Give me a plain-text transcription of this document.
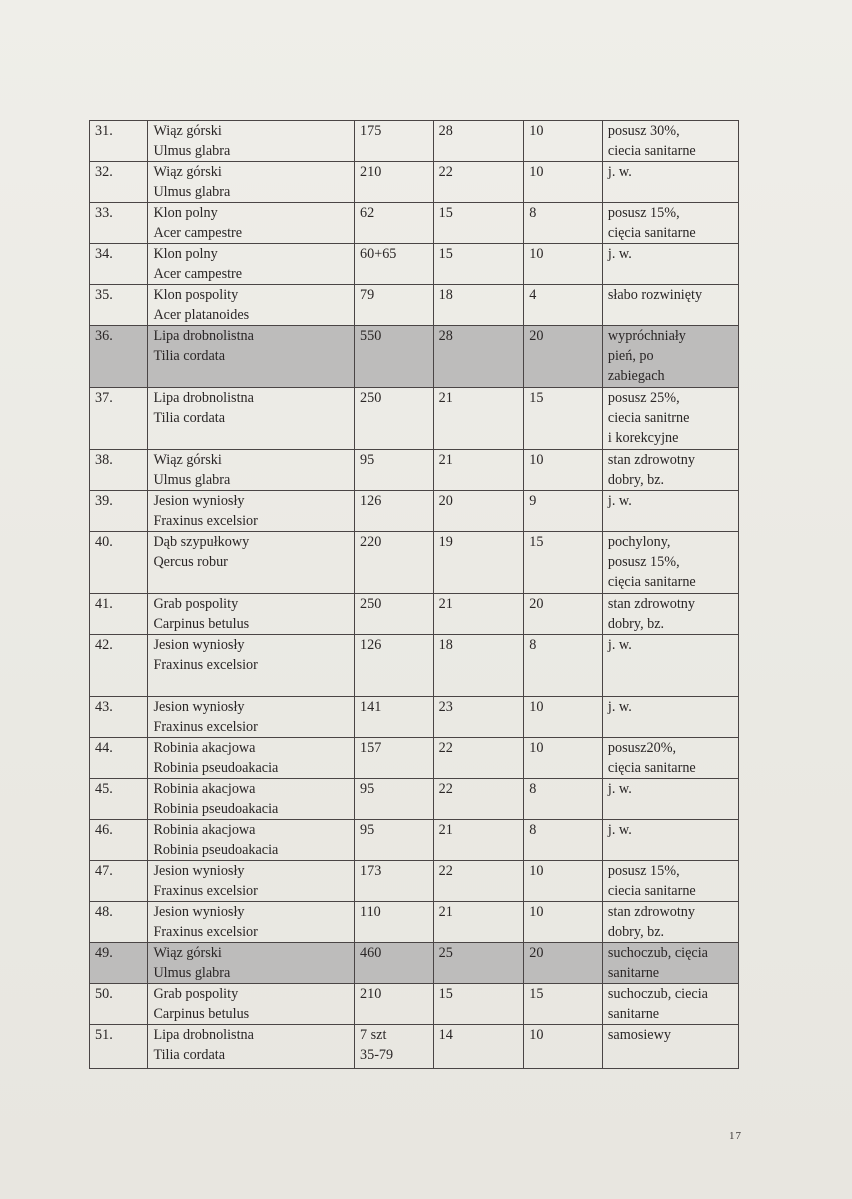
31.	Wiąz górski
Ulmus glabra	175	28	10	posusz 30%,
ciecia sanitarne

32.	Wiąz górski
Ulmus glabra	210	22	10	j. w.

33.	Klon polny
Acer campestre	62	15	8	posusz 15%,
cięcia sanitarne

34.	Klon polny
Acer campestre	60+65	15	10	j. w.

35.	Klon pospolity
Acer platanoides	79	18	4	słabo rozwinięty

36.	Lipa drobnolistna
Tilia cordata	550	28	20	wypróchniały
pień, po
zabiegach

37.	Lipa drobnolistna
Tilia cordata	250	21	15	posusz 25%,
ciecia sanitrne
i korekcyjne

38.	Wiąz górski
Ulmus glabra	95	21	10	stan zdrowotny
dobry, bz.

39.	Jesion wyniosły
Fraxinus excelsior	126	20	9	j. w.

40.	Dąb szypułkowy
Qercus robur	220	19	15	pochylony,
posusz 15%,
cięcia sanitarne

41.	Grab pospolity
Carpinus betulus	250	21	20	stan zdrowotny
dobry, bz.

42.	Jesion wyniosły
Fraxinus excelsior	126	18	8	j. w.

43.	Jesion wyniosły
Fraxinus excelsior	141	23	10	j. w.

44.	Robinia akacjowa
Robinia pseudoakacia	157	22	10	posusz20%,
cięcia sanitarne

45.	Robinia akacjowa
Robinia pseudoakacia	95	22	8	j. w.

46.	Robinia akacjowa
Robinia pseudoakacia	95	21	8	j. w.

47.	Jesion wyniosły
Fraxinus excelsior	173	22	10	posusz 15%,
ciecia sanitarne

48.	Jesion wyniosły
Fraxinus excelsior	110	21	10	stan zdrowotny
dobry, bz.

49.	Wiąz górski
Ulmus glabra	460	25	20	suchoczub, cięcia
sanitarne

50.	Grab pospolity
Carpinus betulus	210	15	15	suchoczub, ciecia
sanitarne

51.	Lipa drobnolistna
Tilia cordata	7 szt
35-79	14	10	samosiewy
17
